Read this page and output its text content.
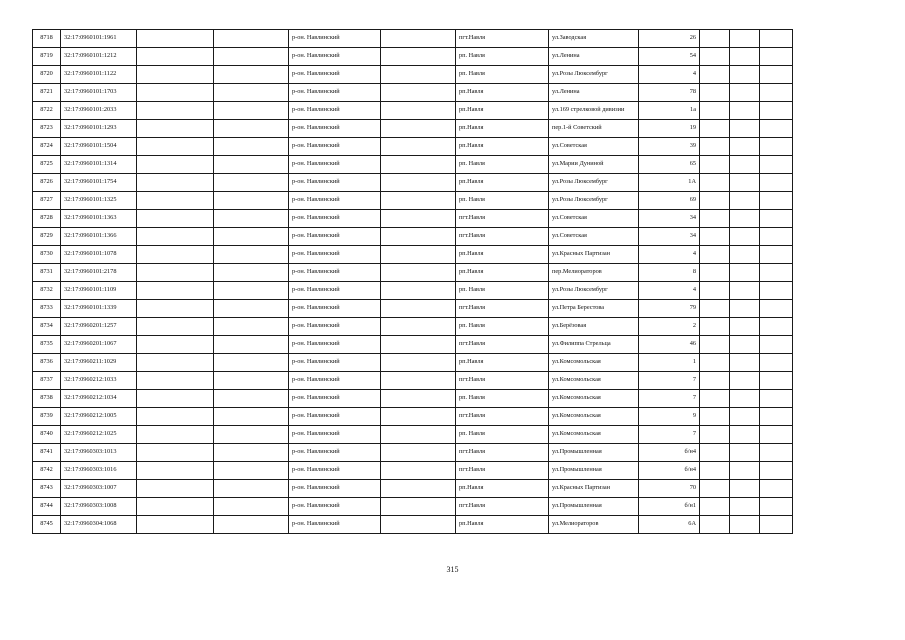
8718	32:17:0960101:1961			р-он. Навлинский		пгт.Навля	ул.Заводская	26			
8719	32:17:0960101:1212			р-он. Навлинский		рп. Навля	ул.Ленина	54			
8720	32:17:0960101:1122			р-он. Навлинский		рп. Навля	ул.Розы Люксембург	4			
8721	32:17:0960101:1703			р-он. Навлинский		рп.Навля	ул.Ленина	78			
8722	32:17:0960101:2033			р-он. Навлинский		рп.Навля	ул.169 стрелковой дивизии	1а			
8723	32:17:0960101:1293			р-он. Навлинский		рп.Навля	пер.1-й Советский	19			
8724	32:17:0960101:1504			р-он. Навлинский		рп.Навля	ул.Советская	39			
8725	32:17:0960101:1314			р-он. Навлинский		рп. Навля	ул.Марии Дуниной	65			
8726	32:17:0960101:1754			р-он. Навлинский		рп.Навля	ул.Розы Люксембург	1А			
8727	32:17:0960101:1325			р-он. Навлинский		рп. Навля	ул.Розы Люксембург	69			
8728	32:17:0960101:1363			р-он. Навлинский		пгт.Навля	ул.Советская	34			
8729	32:17:0960101:1366			р-он. Навлинский		пгт.Навля	ул.Советская	34			
8730	32:17:0960101:1078			р-он. Навлинский		рп.Навля	ул.Красных Партизан	4			
8731	32:17:0960101:2178			р-он. Навлинский		рп.Навля	пер.Мелиораторов	8			
8732	32:17:0960101:1109			р-он. Навлинский		рп. Навля	ул.Розы Люксембург	4			
8733	32:17:0960101:1339			р-он. Навлинский		пгт.Навля	ул.Петра Берестова	79			
8734	32:17:0960201:1257			р-он. Навлинский		рп. Навля	ул.Берёзовая	2			
8735	32:17:0960201:1067			р-он. Навлинский		пгт.Навля	ул.Филиппа Стрельца	46			
8736	32:17:0960211:1029			р-он. Навлинский		рп.Навля	ул.Комсомольская	1			
8737	32:17:0960212:1033			р-он. Навлинский		пгт.Навля	ул.Комсомольская	7			
8738	32:17:0960212:1034			р-он. Навлинский		рп. Навля	ул.Комсомольская	7			
8739	32:17:0960212:1005			р-он. Навлинский		пгт.Навля	ул.Комсомольская	9			
8740	32:17:0960212:1025			р-он. Навлинский		рп. Навля	ул.Комсомольская	7			
8741	32:17:0960303:1013			р-он. Навлинский		пгт.Навля	ул.Промышленная	б/н4			
8742	32:17:0960303:1016			р-он. Навлинский		пгт.Навля	ул.Промышленная	б/н4			
8743	32:17:0960303:1007			р-он. Навлинский		рп.Навля	ул.Красных Партизан	70			
8744	32:17:0960303:1008			р-он. Навлинский		пгт.Навля	ул.Промышленная	б/н1			
8745	32:17:0960304:1068			р-он. Навлинский		рп.Навля	ул.Мелиораторов	6А			
315
